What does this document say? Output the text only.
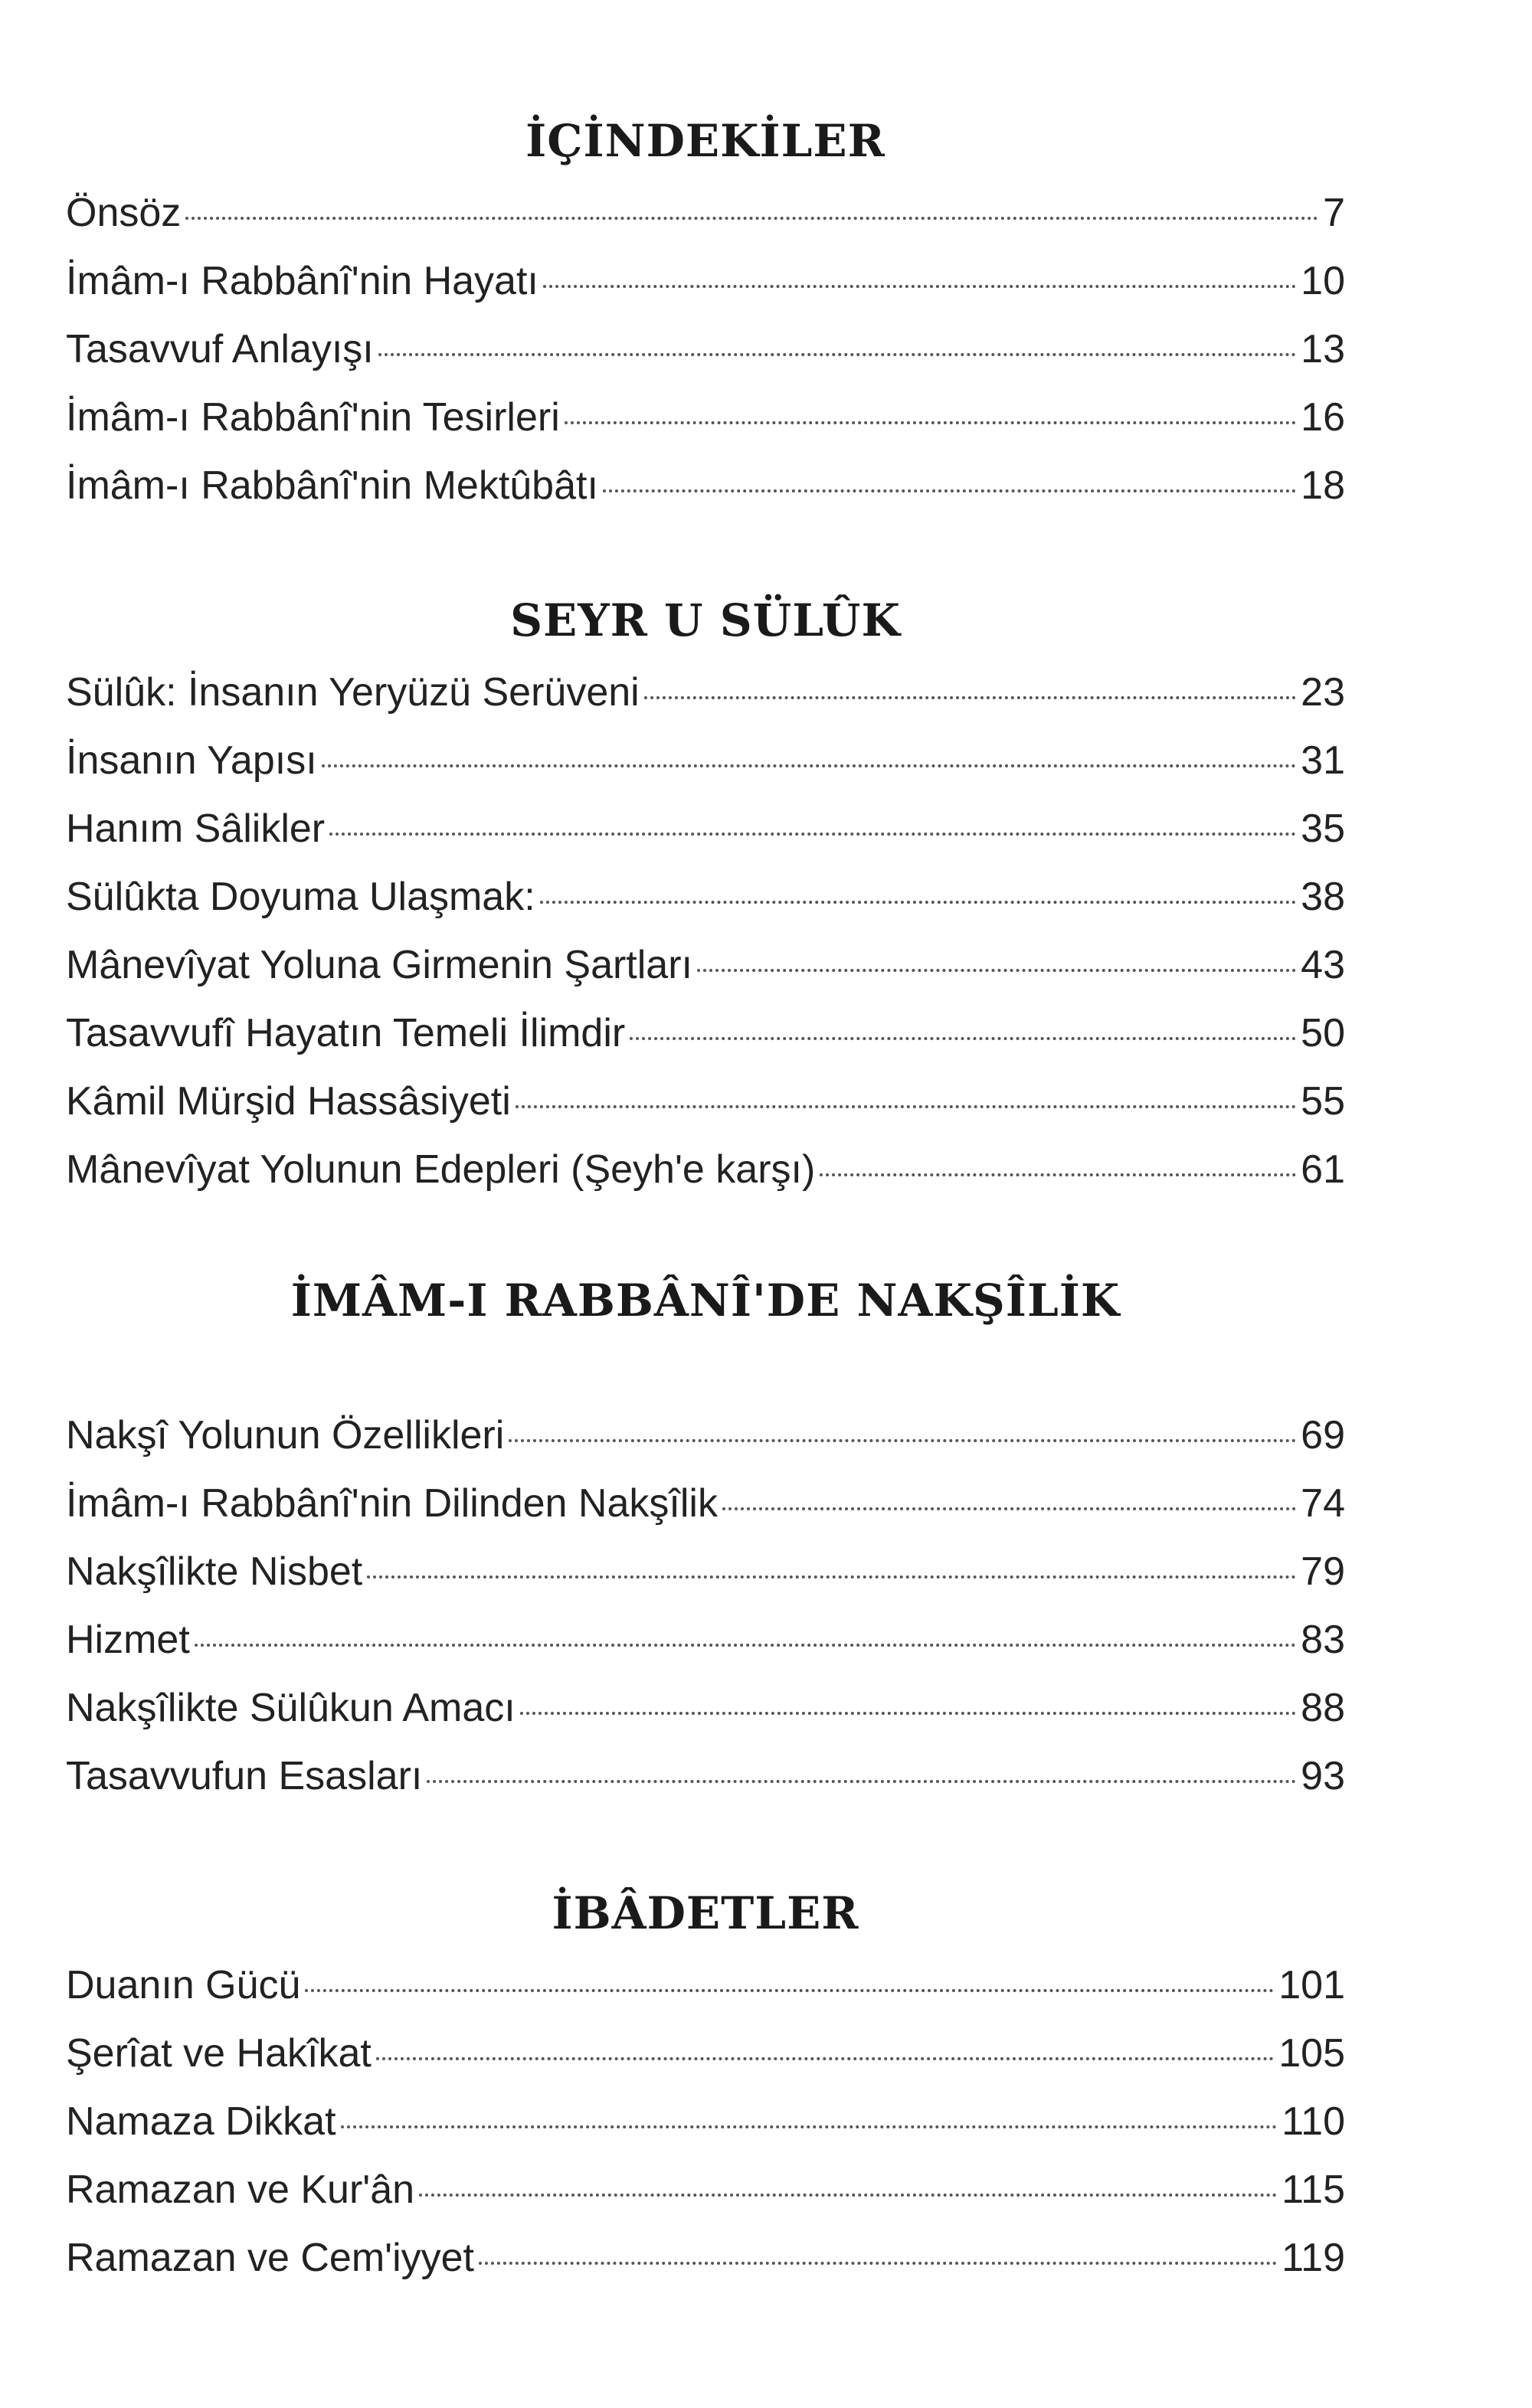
İÇİNDEKİLER
Önsöz	7
İmâm-ı Rabbânî'nin Hayatı	10
Tasavvuf Anlayışı	13
İmâm-ı Rabbânî'nin Tesirleri	16
İmâm-ı Rabbânî'nin Mektûbâtı	18
SEYR U SÜLÛK
Sülûk: İnsanın Yeryüzü Serüveni	23
İnsanın Yapısı	31
Hanım Sâlikler	35
Sülûkta Doyuma Ulaşmak:	38
Mânevîyat Yoluna Girmenin Şartları	43
Tasavvufî Hayatın Temeli İlimdir	50
Kâmil Mürşid Hassâsiyeti	55
Mânevîyat Yolunun Edepleri (Şeyh'e karşı)	61
İMÂM-I RABBÂNÎ'DE NAKŞÎLİK
Nakşî Yolunun Özellikleri	69
İmâm-ı Rabbânî'nin Dilinden Nakşîlik	74
Nakşîlikte Nisbet	79
Hizmet	83
Nakşîlikte Sülûkun Amacı	88
Tasavvufun Esasları	93
İBÂDETLER
Duanın Gücü	101
Şerîat ve Hakîkat	105
Namaza Dikkat	110
Ramazan ve Kur'ân	115
Ramazan ve Cem'iyyet	119
